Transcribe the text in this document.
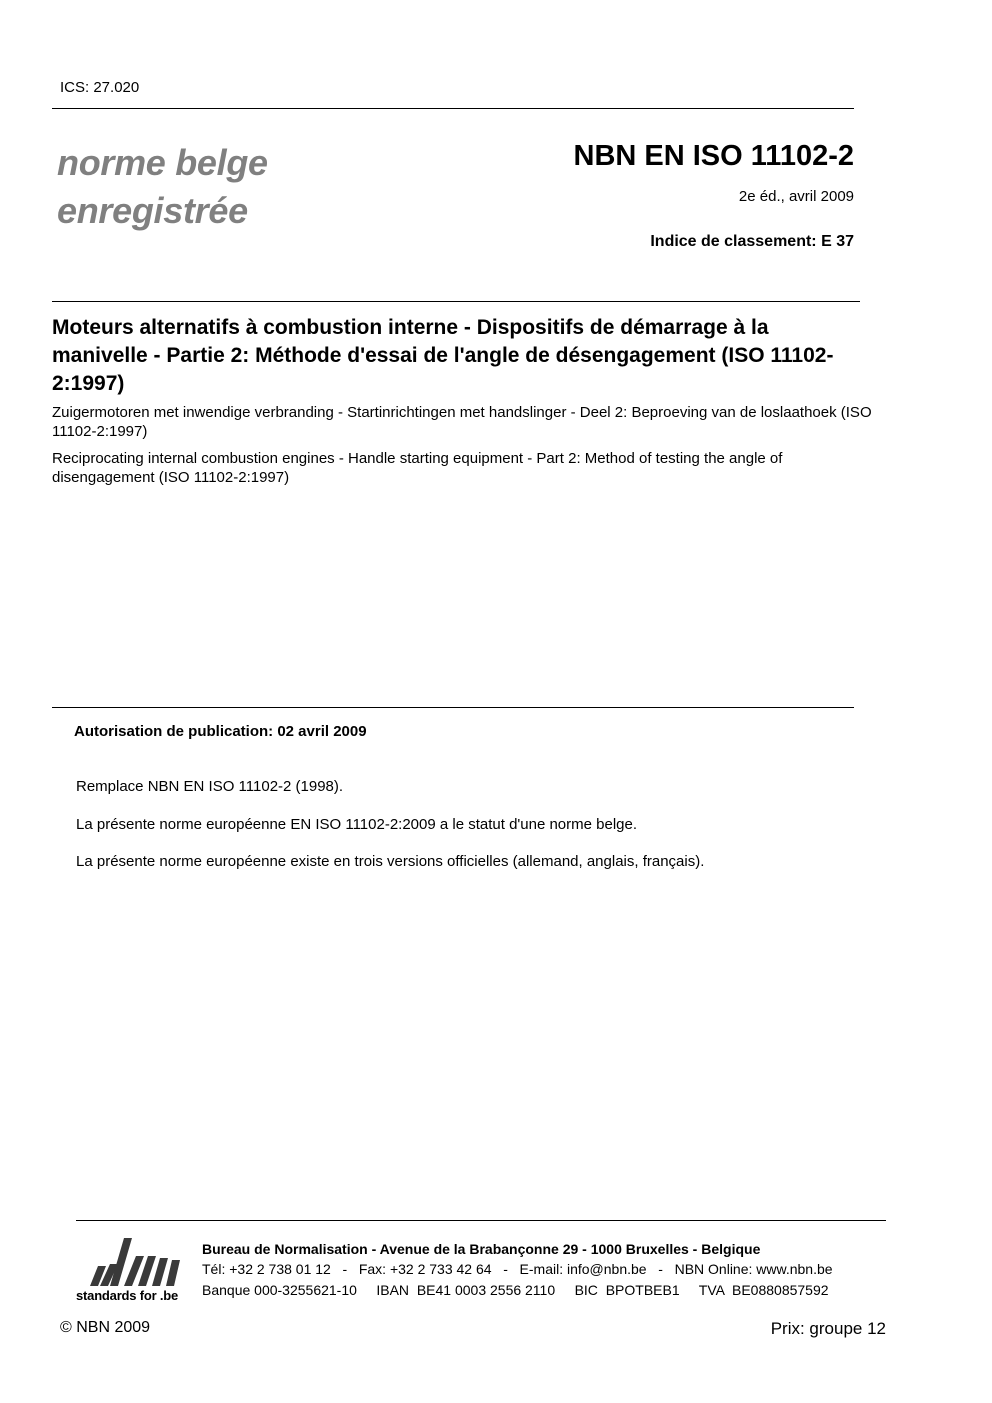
ICS: 27.020
norme belge
enregistrée
NBN EN ISO 11102-2
2e éd., avril 2009
Indice de classement: E 37
Moteurs alternatifs à combustion interne - Dispositifs de démarrage à la manivelle - Partie 2: Méthode d'essai de l'angle de désengagement (ISO 11102-2:1997)
Zuigermotoren met inwendige verbranding - Startinrichtingen met handslinger - Deel 2: Beproeving van de loslaathoek (ISO 11102-2:1997)
Reciprocating internal combustion engines - Handle starting equipment - Part 2: Method of testing the angle of disengagement (ISO 11102-2:1997)
Autorisation de publication: 02 avril 2009
Remplace NBN EN ISO 11102-2 (1998).
La présente norme européenne EN ISO 11102-2:2009 a le statut d'une norme belge.
La présente norme européenne existe en trois versions officielles (allemand, anglais, français).
standards for .be
Bureau de Normalisation - Avenue de la Brabançonne 29 - 1000 Bruxelles - Belgique
Tél: +32 2 738 01 12   -   Fax: +32 2 733 42 64   -   E-mail: info@nbn.be   -   NBN Online: www.nbn.be
Banque 000-3255621-10     IBAN  BE41 0003 2556 2110     BIC  BPOTBEB1     TVA  BE0880857592
© NBN 2009	Prix: groupe 12
